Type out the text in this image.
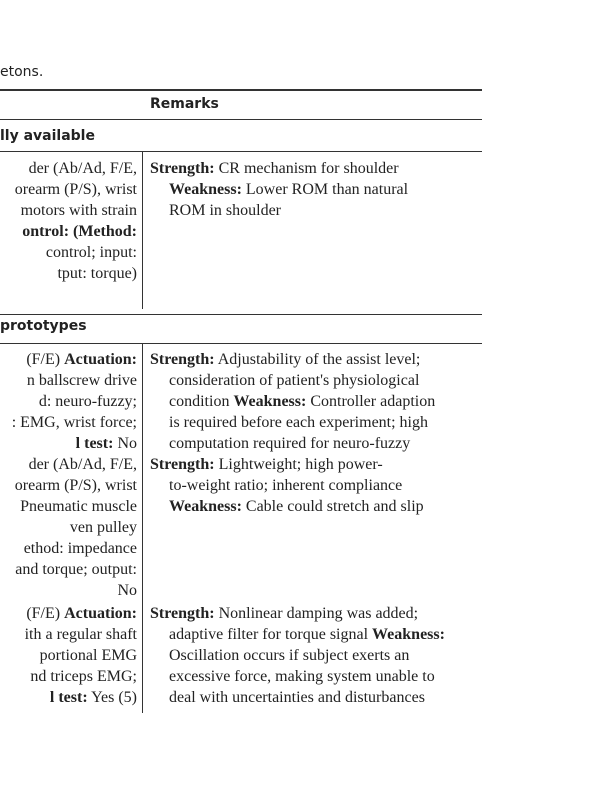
etons.
Remarks
lly available
prototypes
der (Ab/Ad, F/E,
orearm (P/S), wrist
motors with strain
ontrol: (Method:
control; input:
tput: torque)
Strength: CR mechanism for shoulder
Weakness: Lower ROM than natural
ROM in shoulder
(F/E) Actuation:
n ballscrew drive
d: neuro-fuzzy;
: EMG, wrist force;
l test: No
Strength: Adjustability of the assist level;
consideration of patient's physiological
condition Weakness: Controller adaption
is required before each experiment; high
computation required for neuro-fuzzy
der (Ab/Ad, F/E,
orearm (P/S), wrist
Pneumatic muscle
ven pulley
ethod: impedance
and torque; output:
No
Strength: Lightweight; high power-
to-weight ratio; inherent compliance
Weakness: Cable could stretch and slip
(F/E) Actuation:
ith a regular shaft
portional EMG
nd triceps EMG;
l test: Yes (5)
Strength: Nonlinear damping was added;
adaptive filter for torque signal Weakness:
Oscillation occurs if subject exerts an
excessive force, making system unable to
deal with uncertainties and disturbances
